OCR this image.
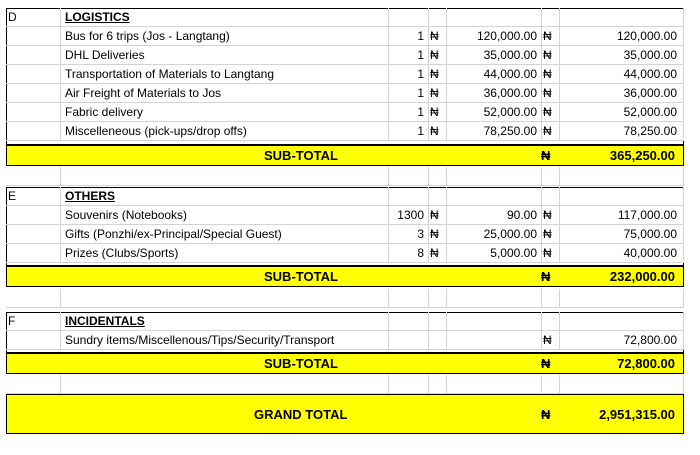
D	LOGISTICS
Bus for 6 trips (Jos - Langtang)	1 ₦	120,000.00 ₦	120,000.00
DHL Deliveries	1 ₦	35,000.00 ₦	35,000.00
Transportation of Materials to Langtang	1 ₦	44,000.00 ₦	44,000.00
Air Freight of Materials to Jos	1 ₦	36,000.00 ₦	36,000.00
Fabric delivery	1 ₦	52,000.00 ₦	52,000.00
Miscelleneous (pick-ups/drop offs)	1 ₦	78,250.00 ₦	78,250.00
SUB-TOTAL	₦	365,250.00
E	OTHERS
Souvenirs (Notebooks)	1300 ₦	90.00 ₦	117,000.00
Gifts (Ponzhi/ex-Principal/Special Guest)	3 ₦	25,000.00 ₦	75,000.00
Prizes (Clubs/Sports)	8 ₦	5,000.00 ₦	40,000.00
SUB-TOTAL	₦	232,000.00
F	INCIDENTALS
Sundry items/Miscellenous/Tips/Security/Transport	₦	72,800.00
SUB-TOTAL	₦	72,800.00
GRAND TOTAL	₦	2,951,315.00
